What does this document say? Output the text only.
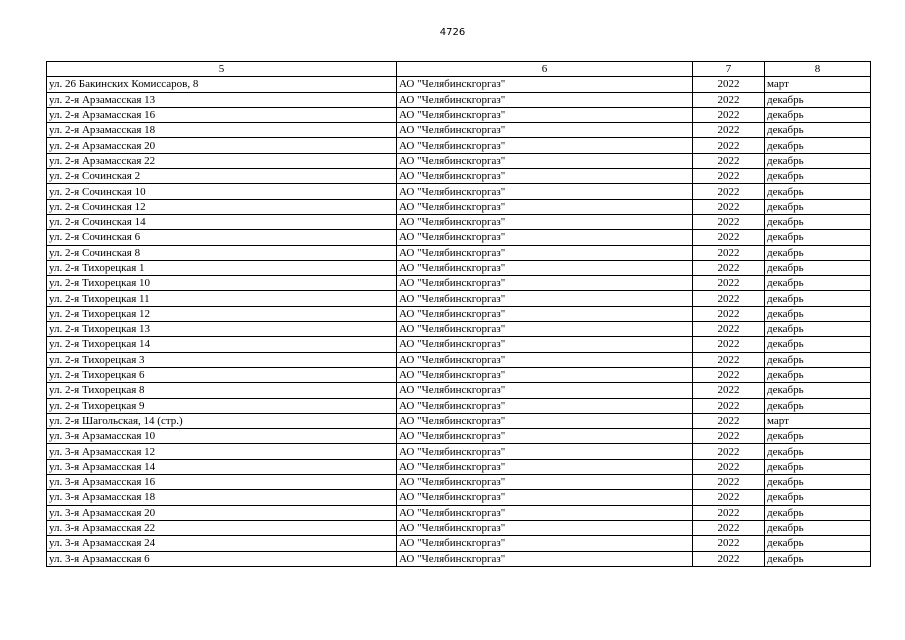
4726
5	6	7	8
ул. 26 Бакинских Комиссаров, 8	АО "Челябинскгоргаз"	2022	март
ул. 2-я Арзамасская 13	АО "Челябинскгоргаз"	2022	декабрь
ул. 2-я Арзамасская 16	АО "Челябинскгоргаз"	2022	декабрь
ул. 2-я Арзамасская 18	АО "Челябинскгоргаз"	2022	декабрь
ул. 2-я Арзамасская 20	АО "Челябинскгоргаз"	2022	декабрь
ул. 2-я Арзамасская 22	АО "Челябинскгоргаз"	2022	декабрь
ул. 2-я Сочинская 2	АО "Челябинскгоргаз"	2022	декабрь
ул. 2-я Сочинская 10	АО "Челябинскгоргаз"	2022	декабрь
ул. 2-я Сочинская 12	АО "Челябинскгоргаз"	2022	декабрь
ул. 2-я Сочинская 14	АО "Челябинскгоргаз"	2022	декабрь
ул. 2-я Сочинская 6	АО "Челябинскгоргаз"	2022	декабрь
ул. 2-я Сочинская 8	АО "Челябинскгоргаз"	2022	декабрь
ул. 2-я Тихорецкая 1	АО "Челябинскгоргаз"	2022	декабрь
ул. 2-я Тихорецкая 10	АО "Челябинскгоргаз"	2022	декабрь
ул. 2-я Тихорецкая 11	АО "Челябинскгоргаз"	2022	декабрь
ул. 2-я Тихорецкая 12	АО "Челябинскгоргаз"	2022	декабрь
ул. 2-я Тихорецкая 13	АО "Челябинскгоргаз"	2022	декабрь
ул. 2-я Тихорецкая 14	АО "Челябинскгоргаз"	2022	декабрь
ул. 2-я Тихорецкая 3	АО "Челябинскгоргаз"	2022	декабрь
ул. 2-я Тихорецкая 6	АО "Челябинскгоргаз"	2022	декабрь
ул. 2-я Тихорецкая 8	АО "Челябинскгоргаз"	2022	декабрь
ул. 2-я Тихорецкая 9	АО "Челябинскгоргаз"	2022	декабрь
ул. 2-я Шагольская, 14 (стр.)	АО "Челябинскгоргаз"	2022	март
ул. 3-я Арзамасская 10	АО "Челябинскгоргаз"	2022	декабрь
ул. 3-я Арзамасская 12	АО "Челябинскгоргаз"	2022	декабрь
ул. 3-я Арзамасская 14	АО "Челябинскгоргаз"	2022	декабрь
ул. 3-я Арзамасская 16	АО "Челябинскгоргаз"	2022	декабрь
ул. 3-я Арзамасская 18	АО "Челябинскгоргаз"	2022	декабрь
ул. 3-я Арзамасская 20	АО "Челябинскгоргаз"	2022	декабрь
ул. 3-я Арзамасская 22	АО "Челябинскгоргаз"	2022	декабрь
ул. 3-я Арзамасская 24	АО "Челябинскгоргаз"	2022	декабрь
ул. 3-я Арзамасская 6	АО "Челябинскгоргаз"	2022	декабрь
